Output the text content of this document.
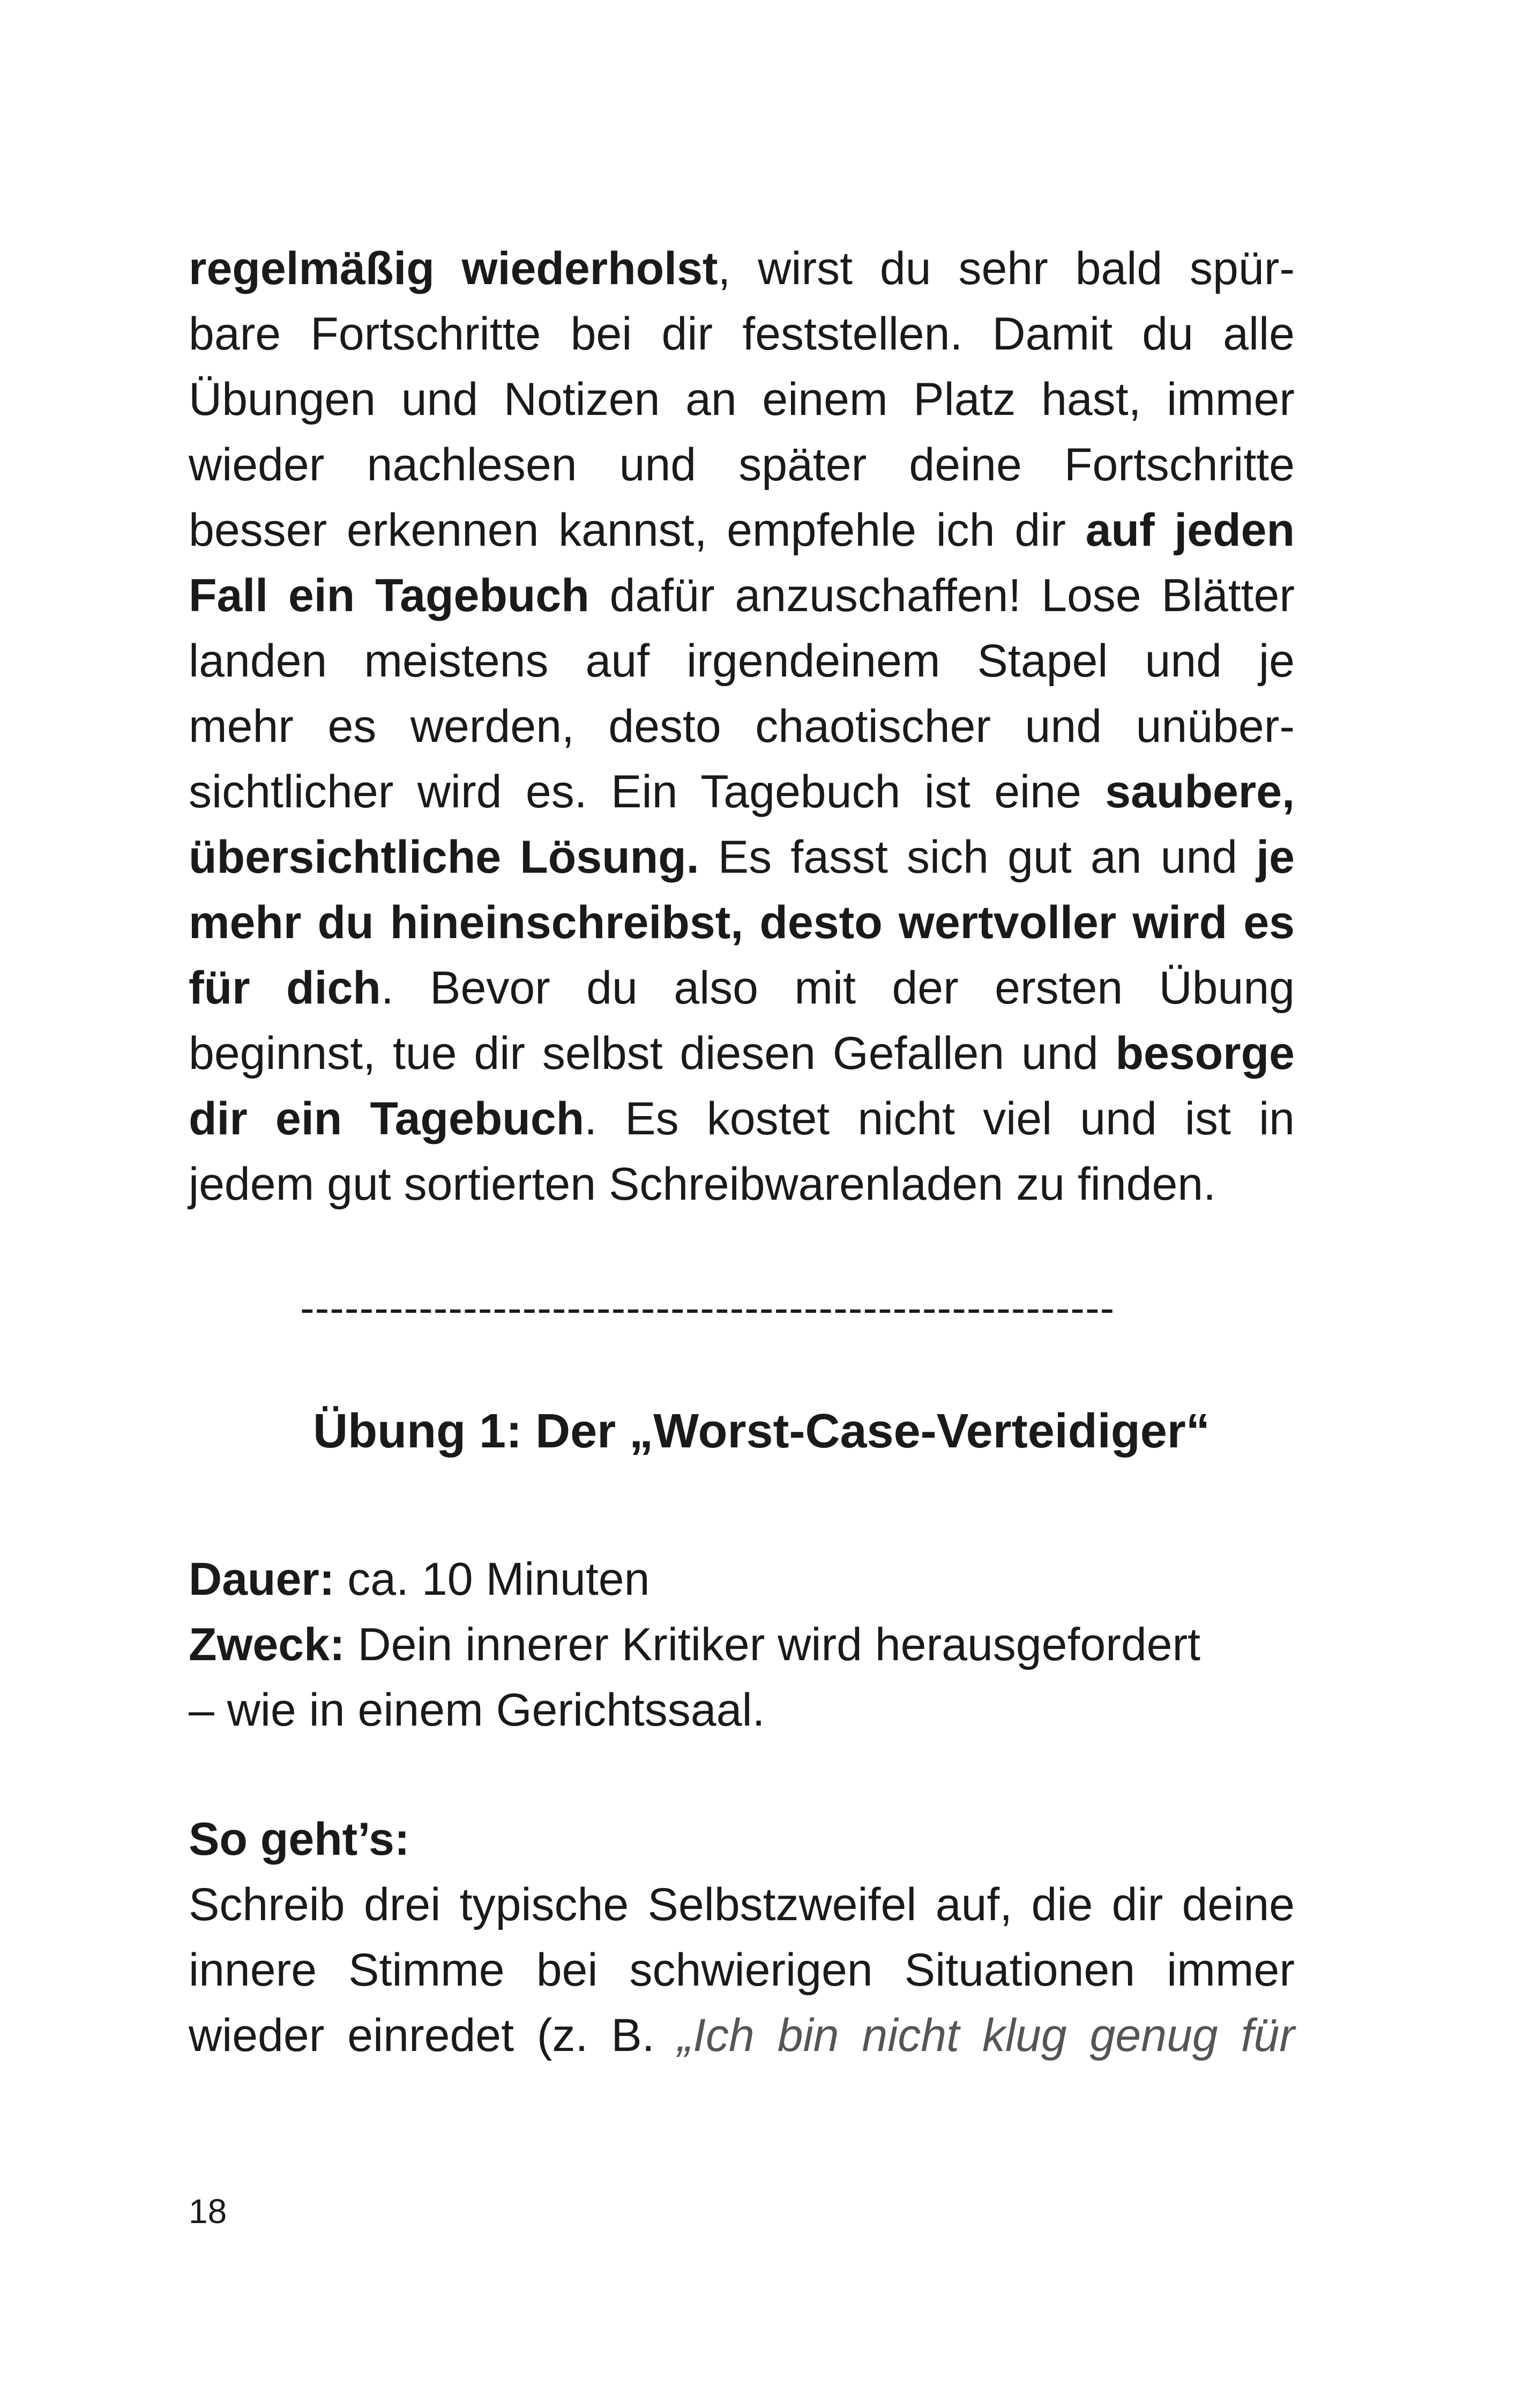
regelmäßig wiederholst, wirst du sehr bald spür-
bare Fortschritte bei dir feststellen. Damit du alle
Übungen und Notizen an einem Platz hast, immer
wieder nachlesen und später deine Fortschritte
besser erkennen kannst, empfehle ich dir auf jeden
Fall ein Tagebuch dafür anzuschaffen! Lose Blätter
landen meistens auf irgendeinem Stapel und je
mehr es werden, desto chaotischer und unüber-
sichtlicher wird es. Ein Tagebuch ist eine saubere,
übersichtliche Lösung. Es fasst sich gut an und je
mehr du hineinschreibst, desto wertvoller wird es
für dich. Bevor du also mit der ersten Übung
beginnst, tue dir selbst diesen Gefallen und besorge
dir ein Tagebuch. Es kostet nicht viel und ist in
jedem gut sortierten Schreibwarenladen zu finden.
-------------------------------------------------------
Übung 1: Der „Worst-Case-Verteidiger“
Dauer: ca. 10 Minuten
Zweck: Dein innerer Kritiker wird herausgefordert
– wie in einem Gerichtssaal.
So geht’s:
Schreib drei typische Selbstzweifel auf, die dir deine
innere Stimme bei schwierigen Situationen immer
wieder einredet (z. B. „Ich bin nicht klug genug für
18
